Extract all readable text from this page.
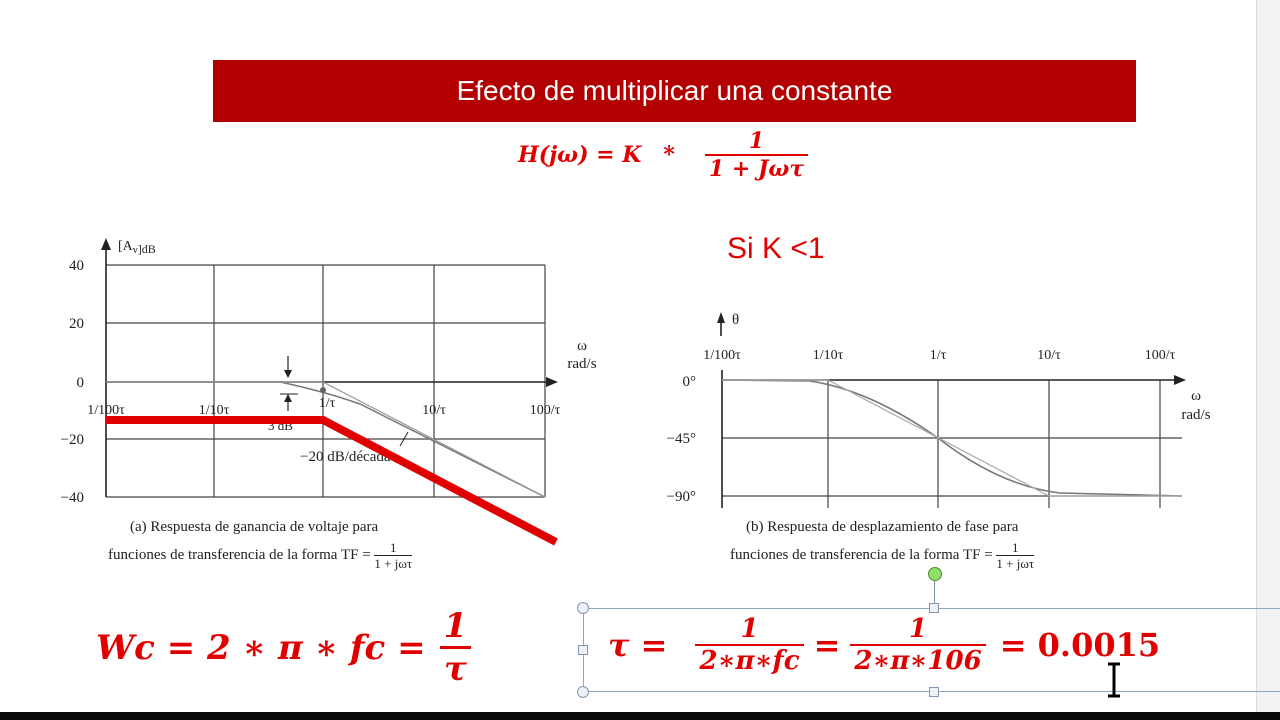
Efecto de multiplicar una constante
$H(j\omega) = K * \frac{1}{\text{1 + Jωτ}}$
Si K <1
$[A_v]dB$
40
20
0
−20
−40
1/100τ	1/10τ	1/τ	10/τ	100/τ
ω
rad/s
3 dB
−20 dB/década
(a) Respuesta de ganancia de voltaje para
funciones de transferencia de la forma TF = 1
1 + jωτ
θ
1/100τ	1/10τ	1/τ	10/τ	100/τ
0°
−45°
−90°
ω
rad/s
(b) Respuesta de desplazamiento de fase para
funciones de transferencia de la forma TF = 1
1 + jωτ
Wc = 2 ∗ π ∗ fc = $\frac{1}{\tau}$	$\tau = \frac{1}{2∗\pi∗fc} = \frac{1}{2∗\pi∗106} = 0.0015$
